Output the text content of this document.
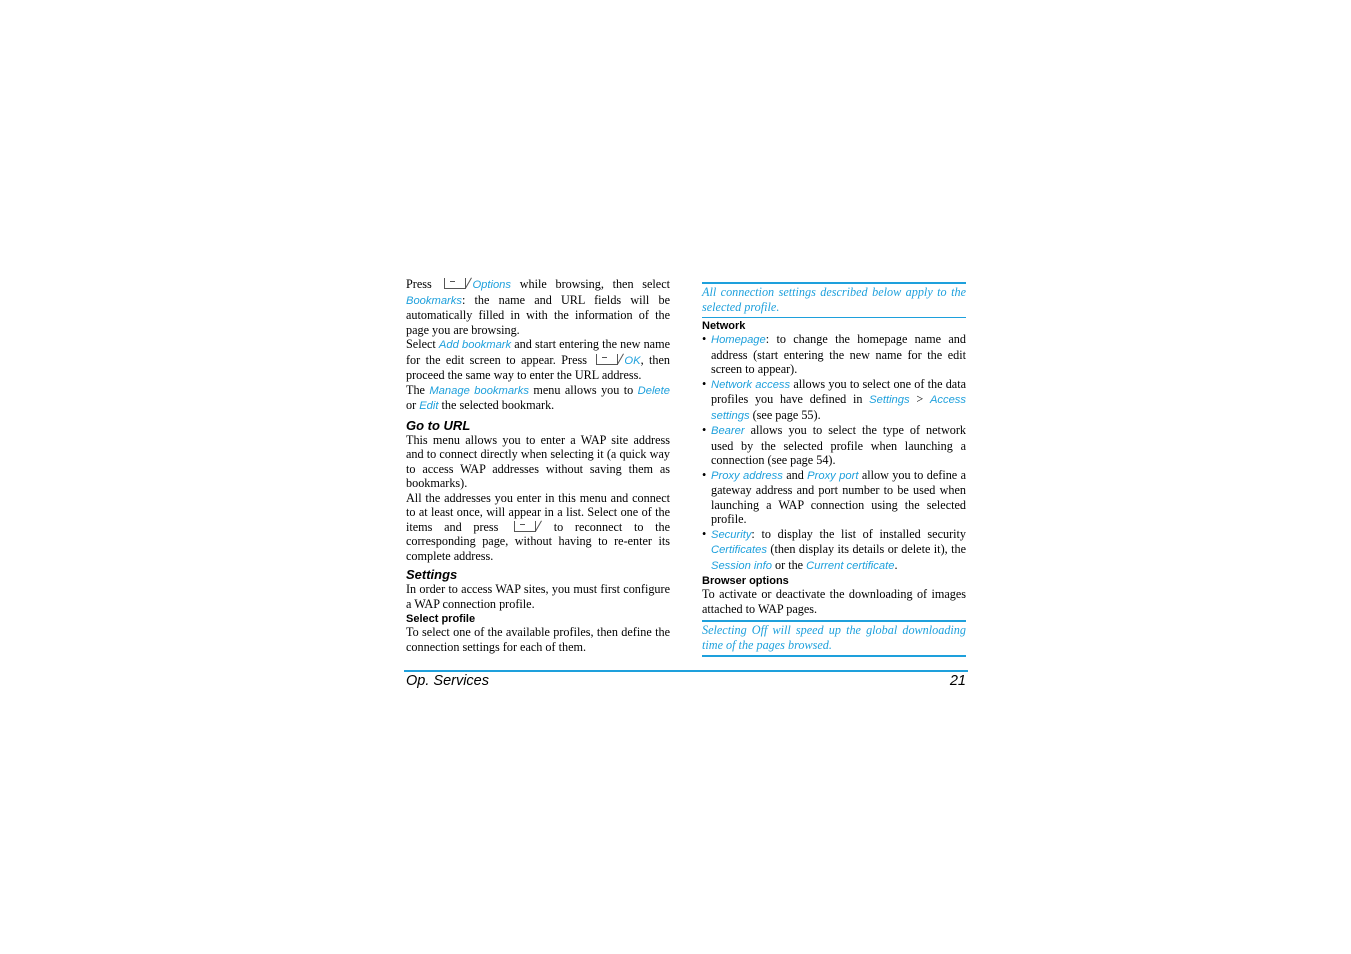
Press	Options while browsing, then select Bookmarks: the name and URL fields will be automatically filled in with the information of the page you are browsing.

Select Add bookmark and start entering the new name for the edit screen to appear. Press	OK, then proceed the same way to enter the URL address.

The Manage bookmarks menu allows you to Delete or Edit the selected bookmark.

Go to URL

This menu allows you to enter a WAP site address and to connect directly when selecting it (a quick way to access WAP addresses without saving them as bookmarks).

All the addresses you enter in this menu and connect to at least once, will appear in a list. Select one of the items and press	to reconnect to the corresponding page, without having to re-enter its complete address.

Settings

In order to access WAP sites, you must first configure a WAP connection profile.

Select profile

To select one of the available profiles, then define the connection settings for each of them.

All connection settings described below apply to the selected profile.
Network
• Homepage: to change the homepage name and address (start entering the new name for the edit screen to appear).
• Network access allows you to select one of the data profiles you have defined in Settings > Access settings (see page 55).
• Bearer allows you to select the type of network used by the selected profile when launching a connection (see page 54).
• Proxy address and Proxy port allow you to define a gateway address and port number to be used when launching a WAP connection using the selected profile.
• Security: to display the list of installed security Certificates (then display its details or delete it), the Session info or the Current certificate.
Browser options

To activate or deactivate the downloading of images attached to WAP pages.

Selecting Off will speed up the global downloading time of the pages browsed.
Op. Services	21
